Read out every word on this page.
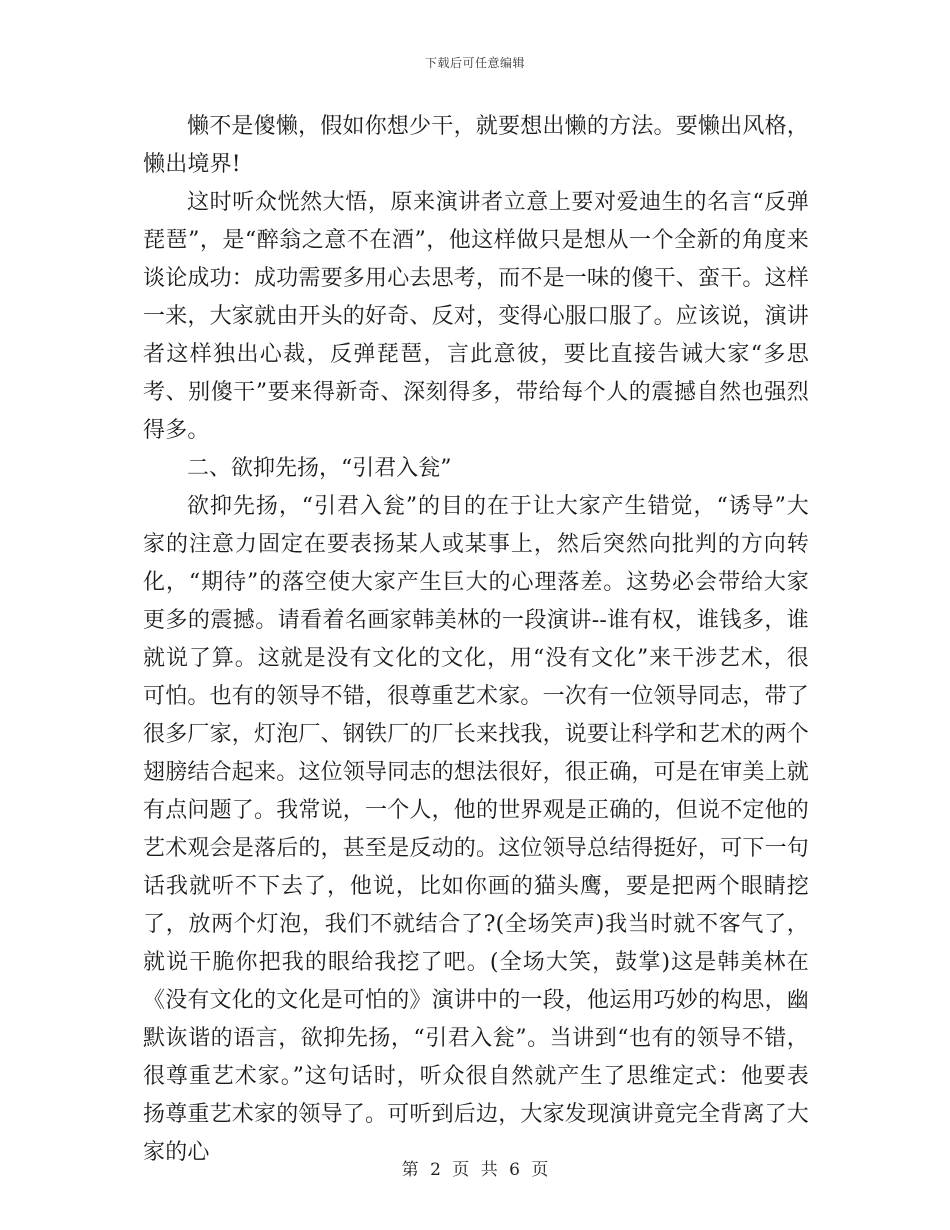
下载后可任意编辑

懒不是傻懒，假如你想少干，就要想出懒的方法。要懒出风格，懒出境界!

这时听众恍然大悟，原来演讲者立意上要对爱迪生的名言“反弹琵琶”，是“醉翁之意不在酒”，他这样做只是想从一个全新的角度来谈论成功：成功需要多用心去思考，而不是一味的傻干、蛮干。这样一来，大家就由开头的好奇、反对，变得心服口服了。应该说，演讲者这样独出心裁，反弹琵琶，言此意彼，要比直接告诫大家“多思考、别傻干”要来得新奇、深刻得多，带给每个人的震撼自然也强烈得多。

二、欲抑先扬，“引君入瓮”

欲抑先扬，“引君入瓮”的目的在于让大家产生错觉，“诱导”大家的注意力固定在要表扬某人或某事上，然后突然向批判的方向转化，“期待”的落空使大家产生巨大的心理落差。这势必会带给大家更多的震撼。请看着名画家韩美林的一段演讲--谁有权，谁钱多，谁就说了算。这就是没有文化的文化，用“没有文化”来干涉艺术，很可怕。也有的领导不错，很尊重艺术家。一次有一位领导同志，带了很多厂家，灯泡厂、钢铁厂的厂长来找我，说要让科学和艺术的两个翅膀结合起来。这位领导同志的想法很好，很正确，可是在审美上就有点问题了。我常说，一个人，他的世界观是正确的，但说不定他的艺术观会是落后的，甚至是反动的。这位领导总结得挺好，可下一句话我就听不下去了，他说，比如你画的猫头鹰，要是把两个眼睛挖了，放两个灯泡，我们不就结合了?(全场笑声)我当时就不客气了，就说干脆你把我的眼给我挖了吧。(全场大笑，鼓掌)这是韩美林在《没有文化的文化是可怕的》演讲中的一段，他运用巧妙的构思，幽默诙谐的语言，欲抑先扬，“引君入瓮”。当讲到“也有的领导不错，很尊重艺术家。”这句话时，听众很自然就产生了思维定式：他要表扬尊重艺术家的领导了。可听到后边，大家发现演讲竟完全背离了大家的心

第 2 页 共 6 页
